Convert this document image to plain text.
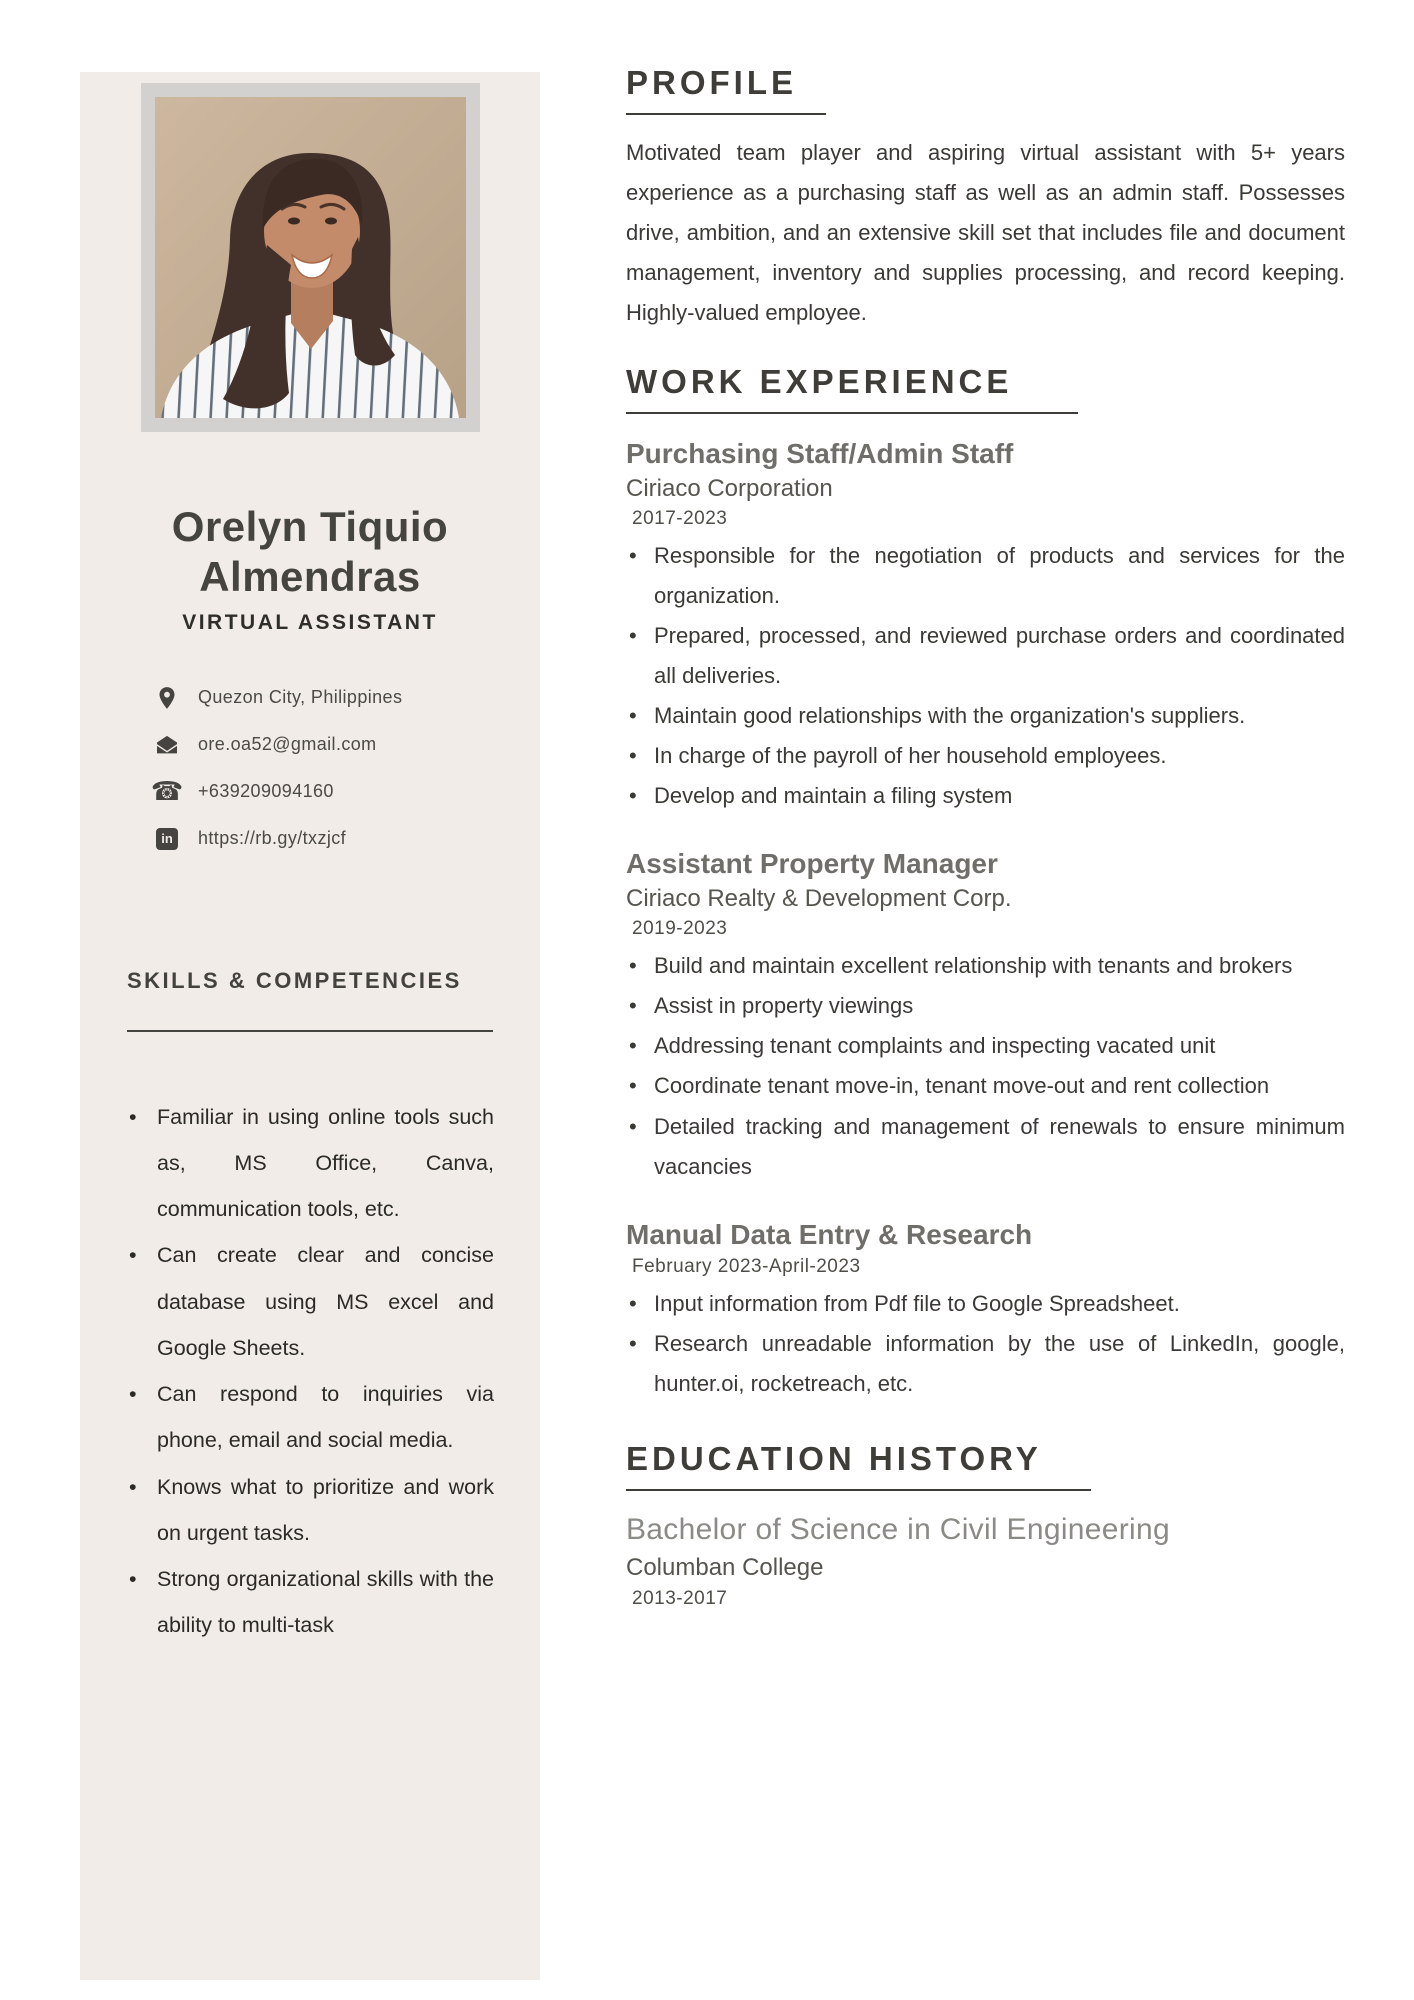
Orelyn Tiquio
Almendras
VIRTUAL ASSISTANT
Quezon City, Philippines
ore.oa52@gmail.com
☎ +639209094160
in https://rb.gy/txzjcf
SKILLS & COMPETENCIES
• Familiar in using online tools such as, MS Office, Canva, communication tools, etc.
• Can create clear and concise database using MS excel and Google Sheets.
• Can respond to inquiries via phone, email and social media.
• Knows what to prioritize and work on urgent tasks.
• Strong organizational skills with the ability to multi-task
PROFILE

Motivated team player and aspiring virtual assistant with 5+ years experience as a purchasing staff as well as an admin staff. Possesses drive, ambition, and an extensive skill set that includes file and document management, inventory and supplies processing, and record keeping. Highly-valued employee.

WORK EXPERIENCE
Purchasing Staff/Admin Staff
Ciriaco Corporation
2017-2023
• Responsible for the negotiation of products and services for the organization.
• Prepared, processed, and reviewed purchase orders and coordinated all deliveries.
• Maintain good relationships with the organization's suppliers.
• In charge of the payroll of her household employees.
• Develop and maintain a filing system
Assistant Property Manager
Ciriaco Realty & Development Corp.
2019-2023
• Build and maintain excellent relationship with tenants and brokers
• Assist in property viewings
• Addressing tenant complaints and inspecting vacated unit
• Coordinate tenant move-in, tenant move-out and rent collection
• Detailed tracking and management of renewals to ensure minimum vacancies
Manual Data Entry & Research
February 2023-April-2023
• Input information from Pdf file to Google Spreadsheet.
• Research unreadable information by the use of LinkedIn, google, hunter.oi, rocketreach, etc.
EDUCATION HISTORY
Bachelor of Science in Civil Engineering
Columban College
2013-2017
